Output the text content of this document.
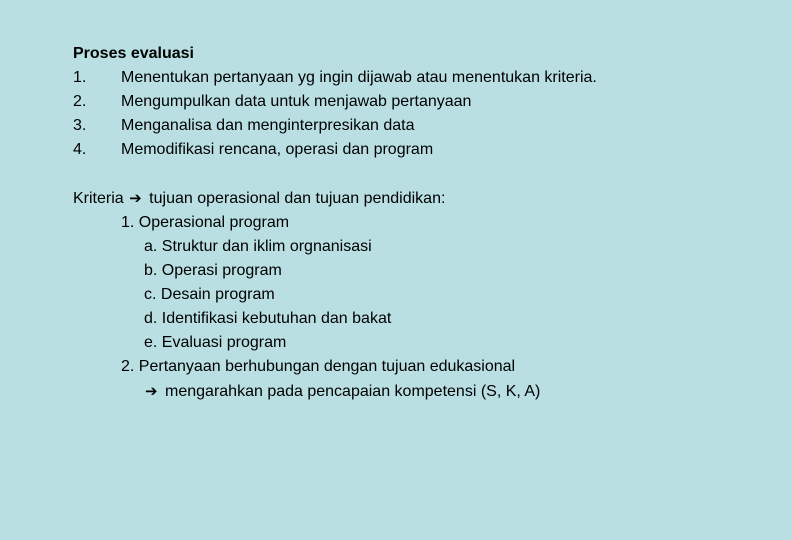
Proses evaluasi
1.	Menentukan pertanyaan yg ingin dijawab atau menentukan kriteria.
2.	Mengumpulkan data untuk menjawab pertanyaan
3.	Menganalisa dan menginterpresikan data
4.	Memodifikasi rencana, operasi dan program
Kriteria ➔ tujuan operasional dan tujuan pendidikan:
1. Operasional program
a. Struktur dan iklim orgnanisasi
b. Operasi program
c. Desain program
d. Identifikasi kebutuhan dan bakat
e. Evaluasi program
2. Pertanyaan berhubungan dengan tujuan edukasional
➔ mengarahkan pada pencapaian kompetensi (S, K, A)
